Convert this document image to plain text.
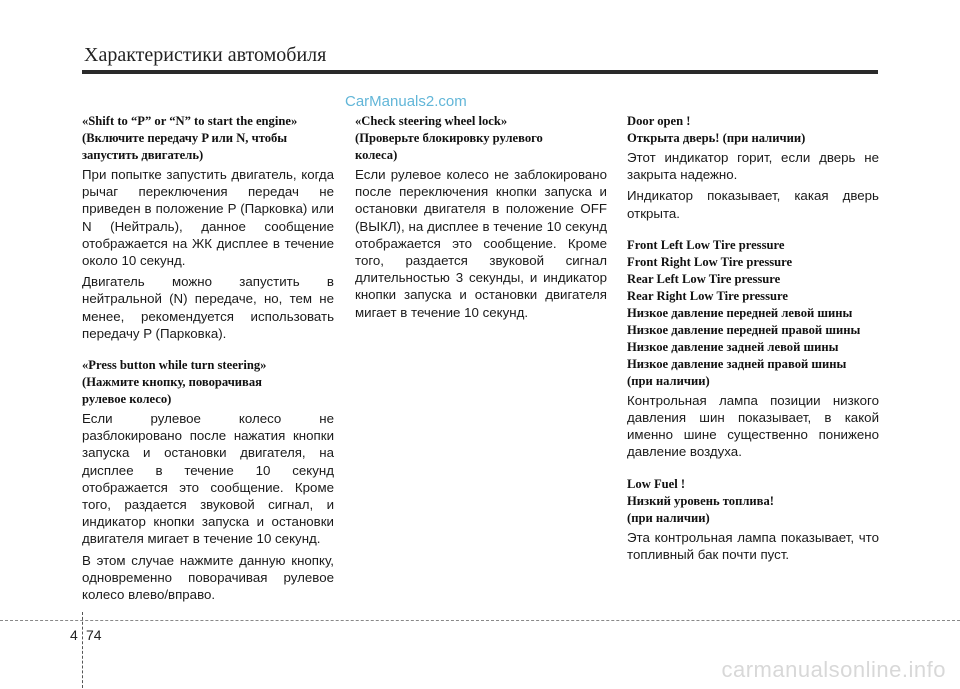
Характеристики автомобиля
CarManuals2.com

«Shift to “P” or “N” to start the engine»

(Включите передачу P или N, чтобы

запустить двигатель)

При попытке запустить двигатель, когда рычаг переключения передач не приведен в положение P (Парковка) или N (Нейтраль), данное сообщение отображается на ЖК дисплее в течение около 10 секунд.

Двигатель можно запустить в нейтральной (N) передаче, но, тем не менее, рекомендуется использовать передачу P (Парковка).

«Press button while turn steering»

(Нажмите кнопку, поворачивая

рулевое колесо)

Если рулевое колесо не разблокировано после нажатия кнопки запуска и остановки двигателя, на дисплее в течение 10 секунд отображается это сообщение. Кроме того, раздается звуковой сигнал, и индикатор кнопки запуска и остановки двигателя мигает в течение 10 секунд.

В этом случае нажмите данную кнопку, одновременно поворачивая рулевое колесо влево/вправо.

«Check steering wheel lock»

(Проверьте блокировку рулевого

колеса)

Если рулевое колесо не заблокировано после переключения кнопки запуска и остановки двигателя в положение OFF (ВЫКЛ), на дисплее в течение 10 секунд отображается это сообщение. Кроме того, раздается звуковой сигнал длительностью 3 секунды, и индикатор кнопки запуска и остановки двигателя мигает в течение 10 секунд.

Door open !

Открыта дверь! (при наличии)

Этот индикатор горит, если дверь не закрыта надежно.

Индикатор показывает, какая дверь открыта.

Front Left Low Tire pressure

Front Right Low Tire pressure

Rear Left Low Tire pressure

Rear Right Low Tire pressure

Низкое давление передней левой шины

Низкое давление передней правой шины

Низкое давление задней левой шины

Низкое давление задней правой шины

(при наличии)

Контрольная лампа позиции низкого давления шин показывает, в какой именно шине существенно понижено давление воздуха.

Low Fuel !

Низкий уровень топлива!

(при наличии)

Эта контрольная лампа показывает, что топливный бак почти пуст.

4 74
carmanualsonline.info
